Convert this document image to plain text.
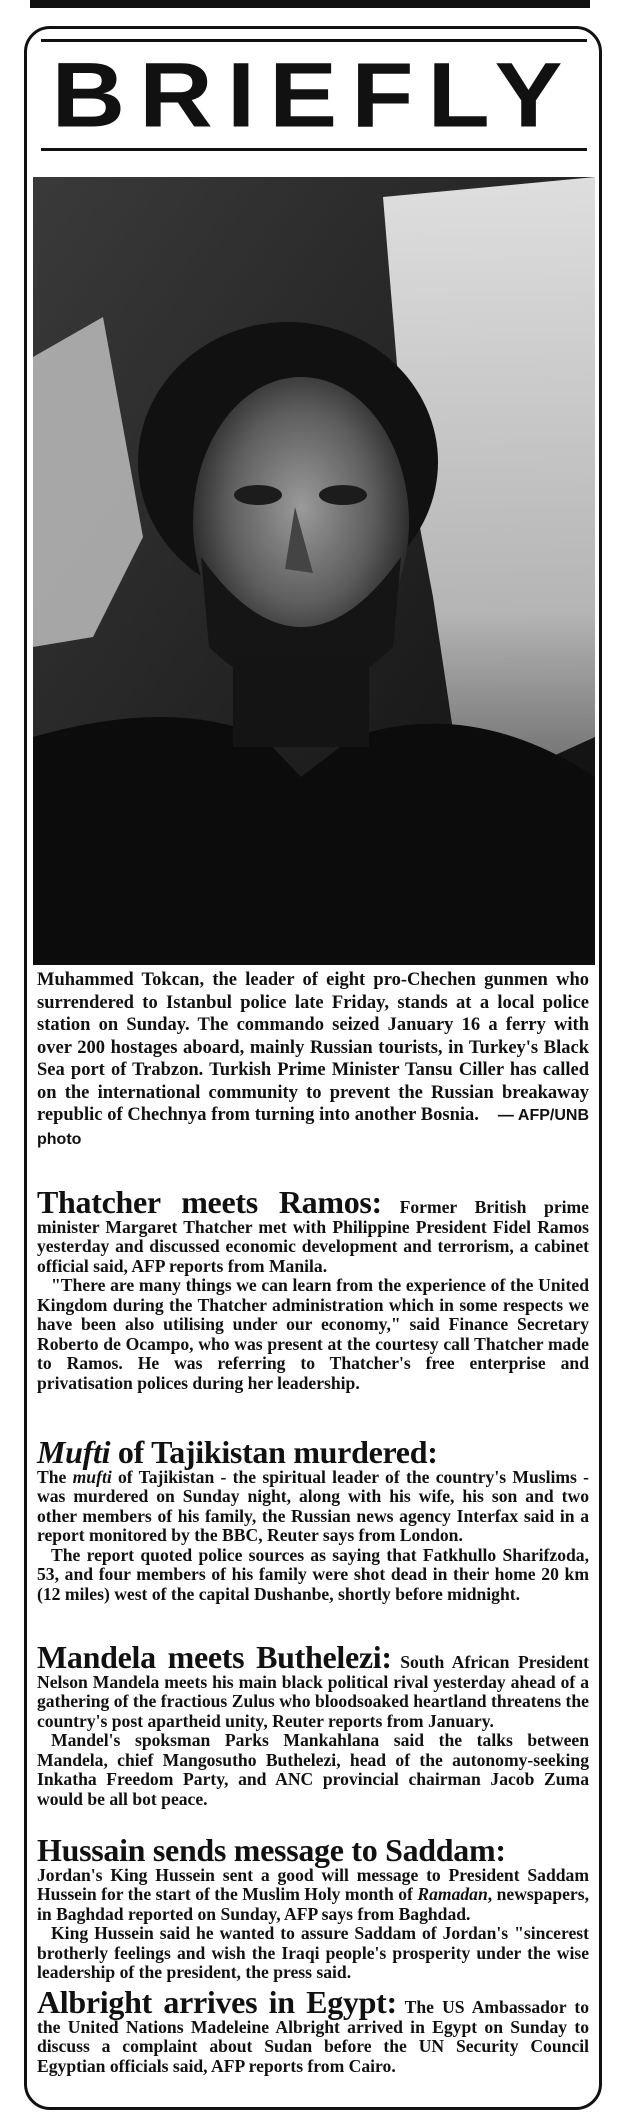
BRIEFLY

Muhammed Tokcan, the leader of eight pro-Chechen gunmen who surrendered to Istanbul police late Friday, stands at a local police station on Sunday. The commando seized January 16 a ferry with over 200 hostages aboard, mainly Russian tourists, in Turkey's Black Sea port of Trabzon. Turkish Prime Minister Tansu Ciller has called on the international community to prevent the Russian breakaway republic of Chechnya from turning into another Bosnia. — AFP/UNB photo

Thatcher meets Ramos: Former British prime minister Margaret Thatcher met with Philippine President Fidel Ramos yesterday and discussed economic development and terrorism, a cabinet official said, AFP reports from Manila.

"There are many things we can learn from the experience of the United Kingdom during the Thatcher administration which in some respects we have been also utilising under our economy," said Finance Secretary Roberto de Ocampo, who was present at the courtesy call Thatcher made to Ramos. He was referring to Thatcher's free enterprise and privatisation polices during her leadership.

Mufti of Tajikistan murdered:

The mufti of Tajikistan - the spiritual leader of the country's Muslims - was murdered on Sunday night, along with his wife, his son and two other members of his family, the Russian news agency Interfax said in a report monitored by the BBC, Reuter says from London.

The report quoted police sources as saying that Fatkhullo Sharifzoda, 53, and four members of his family were shot dead in their home 20 km (12 miles) west of the capital Dushanbe, shortly before midnight.

Mandela meets Buthelezi: South African President Nelson Mandela meets his main black political rival yesterday ahead of a gathering of the fractious Zulus who bloodsoaked heartland threatens the country's post apartheid unity, Reuter reports from January.

Mandel's spoksman Parks Mankahlana said the talks between Mandela, chief Mangosutho Buthelezi, head of the autonomy-seeking Inkatha Freedom Party, and ANC provincial chairman Jacob Zuma would be all bot peace.

Hussain sends message to Saddam:

Jordan's King Hussein sent a good will message to President Saddam Hussein for the start of the Muslim Holy month of Ramadan, newspapers, in Baghdad reported on Sunday, AFP says from Baghdad.

King Hussein said he wanted to assure Saddam of Jordan's "sincerest brotherly feelings and wish the Iraqi people's prosperity under the wise leadership of the president, the press said.

Albright arrives in Egypt: The US Ambassador to the United Nations Madeleine Albright arrived in Egypt on Sunday to discuss a complaint about Sudan before the UN Security Council Egyptian officials said, AFP reports from Cairo.
